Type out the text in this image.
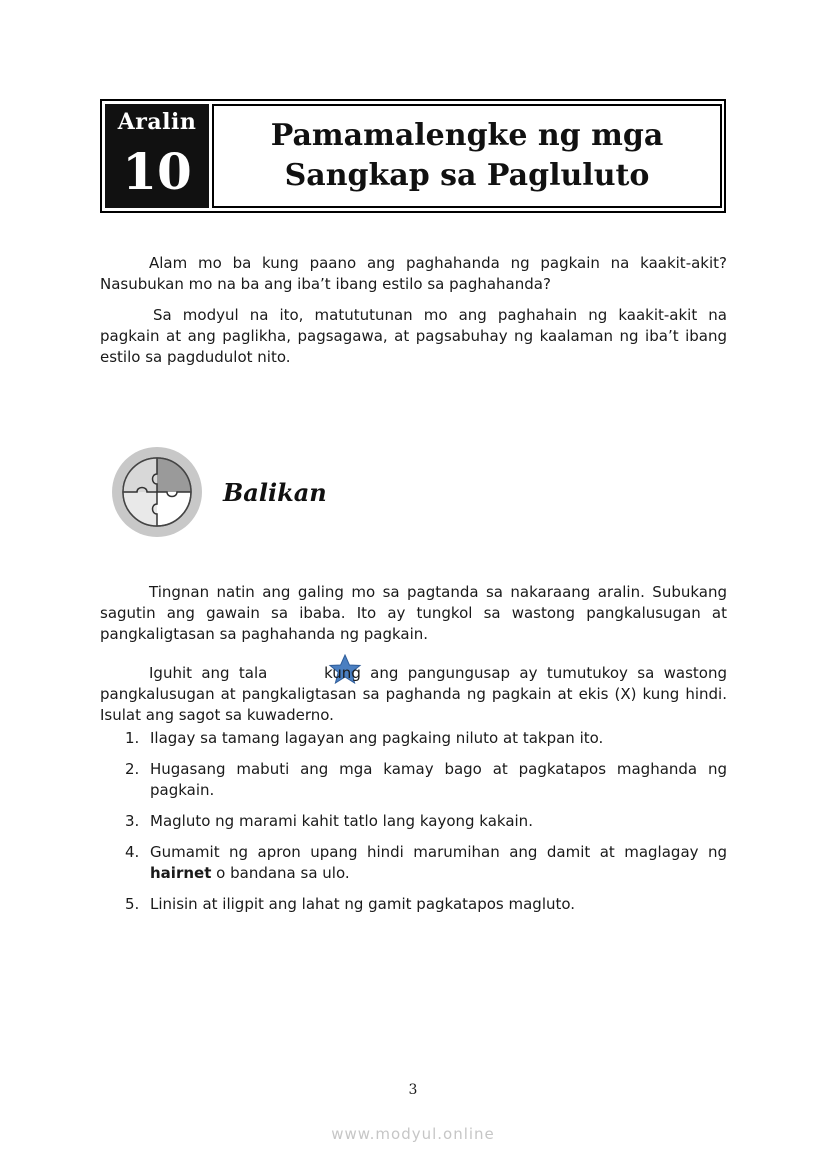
Aralin
10
Pamamalengke ng mga
Sangkap sa Pagluluto

Alam mo ba kung paano ang paghahanda ng pagkain na kaakit-akit? Nasubukan mo na ba ang iba’t ibang estilo sa paghahanda?

Sa modyul na ito, matututunan mo ang paghahain ng kaakit-akit na pagkain at ang paglikha, pagsagawa, at pagsabuhay ng kaalaman ng iba’t ibang estilo sa pagdudulot nito.

Balikan

Tingnan natin ang galing mo sa pagtanda sa nakaraang aralin. Subukang sagutin ang gawain sa ibaba. Ito ay tungkol sa wastong pangkalusugan at pangkaligtasan sa paghahanda ng pagkain.

Iguhit ang tala	kung ang pangungusap ay tumutukoy sa wastong pangkalusugan at pangkaligtasan sa paghanda ng pagkain at ekis (X) kung hindi. Isulat ang sagot sa kuwaderno.

1. Ilagay sa tamang lagayan ang pagkaing niluto at takpan ito.
2. Hugasang mabuti ang mga kamay bago at pagkatapos maghanda ng pagkain.
3. Magluto ng marami kahit tatlo lang kayong kakain.
4. Gumamit ng apron upang hindi marumihan ang damit at maglagay ng hairnet o bandana sa ulo.
5. Linisin at iligpit ang lahat ng gamit pagkatapos magluto.
3
www.modyul.online
